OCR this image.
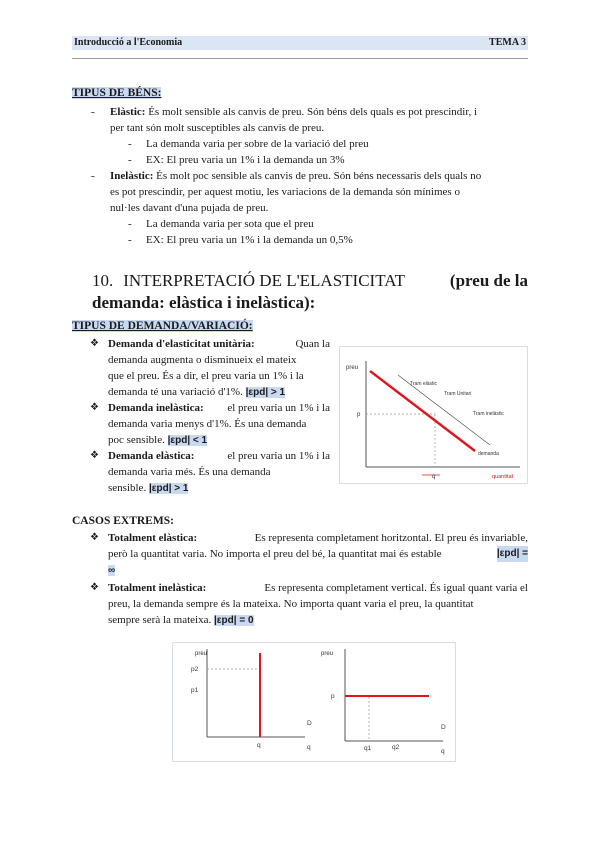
Introducció a l'Economia	TEMA 3
TIPUS DE BÉNS:
- Elàstic: És molt sensible als canvis de preu. Són béns dels quals es pot prescindir, i
per tant són molt susceptibles als canvis de preu.
- La demanda varia per sobre de la variació del preu
- EX: El preu varia un 1% i la demanda un 3%
- Inelàstic: És molt poc sensible als canvis de preu. Són béns necessaris dels quals no
es pot prescindir, per aquest motiu, les variacions de la demanda són mínimes o
nul·les davant d'una pujada de preu.
- La demanda varia per sota que el preu
- EX: El preu varia un 1% i la demanda un 0,5%
10. INTERPRETACIÓ DE L'ELASTICITAT	(preu de la
demanda: elàstica i inelàstica):
TIPUS DE DEMANDA/VARIACIÓ:
❖ Demanda d'elasticitat unitària:	Quan la
demanda augmenta o disminueix el mateix
que el preu. És a dir, el preu varia un 1% i la
demanda té una variació d'1%. |εpd| > 1
❖ Demanda inelàstica: el preu varia un 1% i la
demanda varia menys d'1%. És una demanda
poc sensible. |εpd| < 1
❖ Demanda elàstica:	el preu varia un 1% i la
demanda varia més. És una demanda
sensible. |εpd| > 1
preu
quantitat
p
q
Tram elàstic
Tram Unitari
Tram inelàstic
demanda
CASOS EXTREMS:
❖ Totalment elàstica:	Es representa completament horitzontal. El preu és invariable,
però la quantitat varia. No importa el preu del bé, la quantitat mai és estable	|εpd| =
∞
❖ Totalment inelàstica:	Es representa completament vertical. És igual quant varia el
preu, la demanda sempre és la mateixa. No importa quant varia el preu, la quantitat
sempre serà la mateixa. |εpd| = 0
preu
p2
p1
D
q	q
preu
p
D
q1	q2
q
